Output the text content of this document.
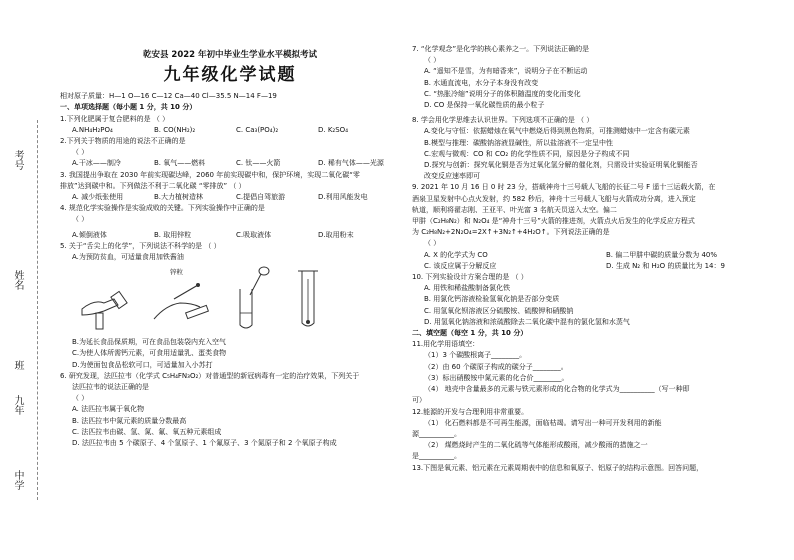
考号
姓名
班
九年
中学
乾安县 2022 年初中毕业生学业水平模拟考试
九年级化学试题
相对原子质量：H—1 O—16 C—12 Ca—40 Cl—35.5 N—14 F—19
一、单项选择题（每小题 1 分，共 10 分）
1.下列化肥属于复合肥料的是 （ ）
A.NH₄H₂PO₄	B. CO(NH₂)₂	C. Ca₃(PO₄)₂	D. K₂SO₄
2.下列关于物质的用途的说法不正确的是
（ ）
A.干冰——制冷	B. 氧气——燃料	C. 钛——火箭	D. 稀有气体——光源
3. 我国提出争取在 2030 年前实现碳达峰，2060 年前实现碳中和，保护环境，实现二氧化碳“零
排放”达到碳中和。下列做法不利于二氧化碳 “零排放” （ ）
A. 减少纸张使用	B.大力植树造林	C.提倡自驾旅游	D.利用风能发电
4. 规范化学实验操作是实验成败的关键。下列实验操作中正确的是
（ ）
A.倾倒液体	B. 取用锌粒	C.吸取液体	D.取用粉末
5. 关于“舌尖上的化学”，下列说法不科学的是 （ ）
A.为预防贫血，可适量食用加铁酱油
锌粒
B.为延长食品保质期，可在食品包装袋内充入空气
C.为使人体所需钙元素，可食用适量乳、蛋类食物
D.为使面包食品松软可口，可适量加入小苏打
6. 研究发现，法匹拉韦（化学式 C₅H₄FN₃O₂）对普通型的新冠病毒有一定的治疗效果，下列关于
法匹拉韦的说法正确的是
（ ）
A. 法匹拉韦属于氧化物
B. 法匹拉韦中氮元素的质量分数最高
C. 法匹拉韦由碳、氢、氮、氟、氧五种元素组成
D. 法匹拉韦由 5 个碳原子、4 个氢原子、1 个氟原子、3 个氮原子和 2 个氧原子构成
7. “化学观念”是化学的核心素养之一。下列说法正确的是
（ ）
A. “遥知不是雪，为有暗香来”，说明分子在不断运动
B. 水通直流电，水分子本身没有改变
C. “热胀冷缩”说明分子的体积随温度的变化而变化
D. CO 是保持一氧化碳性质的最小粒子
8. 学会用化学思维去认识世界。下列选项不正确的是 （ ）
A.变化与守恒：依据蜡烛在氧气中燃烧后得到黑色物质，可推测蜡烛中一定含有碳元素
B.模型与推理：碳酸钠溶液显碱性，所以盐溶液不一定呈中性
C.宏观与微观：CO 和 CO₂ 的化学性质不同，原因是分子构成不同
D.探究与创新：探究氧化铜是否为过氧化氢分解的催化剂，只需设计实验证明氧化铜能否
改变反应速率即可
9. 2021 年 10 月 16 日 0 时 23 分，搭载神舟十三号载人飞船的长征二号 F 遥十三运载火箭，在
酒泉卫星发射中心点火发射，约 582 秒后，神舟十三号载人飞船与火箭成功分离，进入预定
轨道，顺利将翟志刚、王亚平、叶光富 3 名航天员送入太空。偏二
甲肼（C₂H₈N₂）和 N₂O₄ 是“神舟十三号”火箭的推进剂，火箭点火后发生的化学反应方程式
为 C₂H₈N₂+2N₂O₄=2X↑+3N₂↑+4H₂O↑。下列说法正确的是
（ ）
A. X 的化学式为 CO	B. 偏二甲肼中碳的质量分数为 40%
C. 该反应属于分解反应	D. 生成 N₂ 和 H₂O 的质量比为 14：9
10. 下列实验设计方案合理的是 （ ）
A. 用铁和稀盐酸制备氯化铁
B. 用氯化钙溶液检验氢氧化钠是否部分变质
C. 用氢氧化钡溶液区分硫酸铵、硫酸钾和硝酸钠
D. 用氢氧化钠溶液和浓硫酸除去二氧化碳中混有的氯化氢和水蒸气
二、填空题（每空 1 分，共 10 分）
11.用化学用语填空：
（1）3 个碳酸根离子________。
（2）由 60 个碳原子构成的碳分子________。
（3）标出硝酸铵中氮元素的化合价________。
（4） 地壳中含量最多的元素与铁元素形成的化合物的化学式为__________（写一种即
可）
12.能源的开发与合理利用非常重要。
（1） 化石燃料都是不可再生能源，面临枯竭。请写出一种可开发利用的新能
源__________。
（2） 煤燃烧时产生的二氧化硫等气体能形成酸雨，减少酸雨的措施之一
是__________。
13.下图是氧元素、铝元素在元素周期表中的信息和氧原子、铝原子的结构示意图。回答问题，
